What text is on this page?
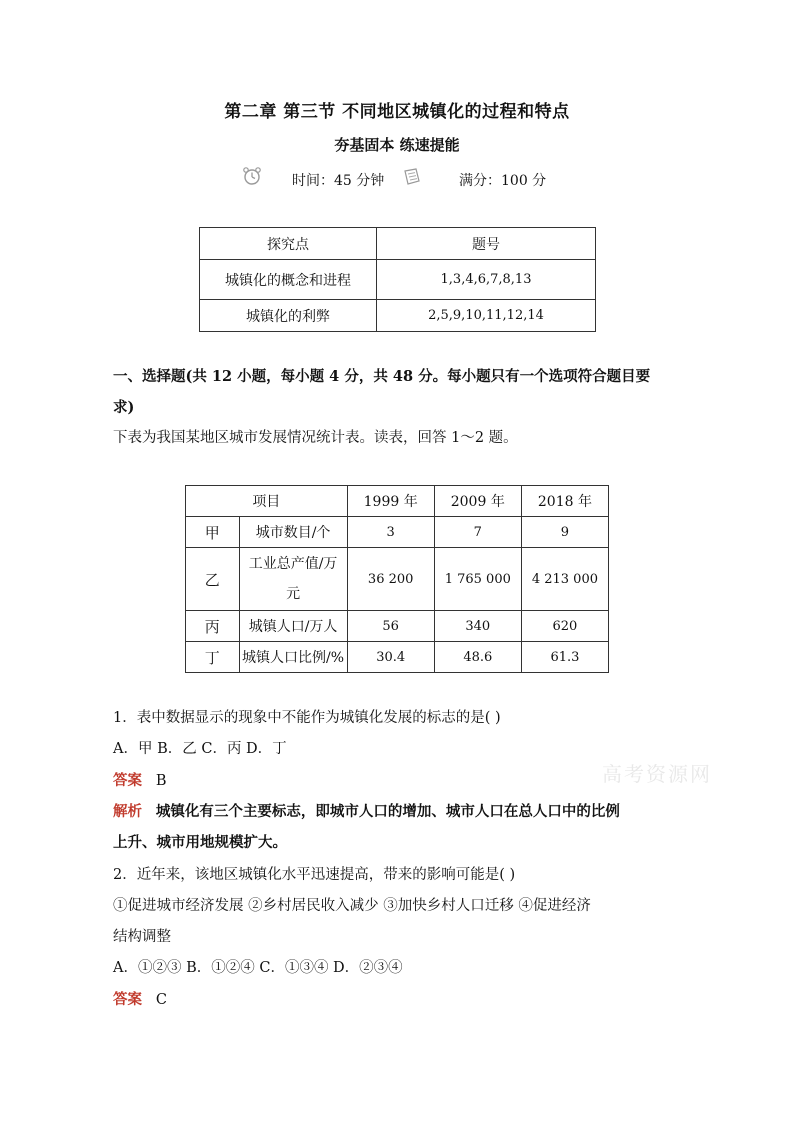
第二章 第三节 不同地区城镇化的过程和特点
夯基固本 练速提能
时间：45 分钟	满分：100 分
探究点	题号
城镇化的概念和进程	1,3,4,6,7,8,13
城镇化的利弊	2,5,9,10,11,12,14
一、选择题(共 12 小题，每小题 4 分，共 48 分。每小题只有一个选项符合题目要
求)
下表为我国某地区城市发展情况统计表。读表，回答 1～2 题。
项目		1999 年	2009 年	2018 年
甲	城市数目/个	3	7	9
乙	工业总产值/万
元	36 200	1 765 000	4 213 000
丙	城镇人口/万人	56	340	620
丁	城镇人口比例/%	30.4	48.6	61.3
1．表中数据显示的现象中不能作为城镇化发展的标志的是( )
A．甲 B．乙 C．丙 D．丁
答案 B
解析 城镇化有三个主要标志，即城市人口的增加、城市人口在总人口中的比例
上升、城市用地规模扩大。
2．近年来，该地区城镇化水平迅速提高，带来的影响可能是( )
①促进城市经济发展 ②乡村居民收入减少 ③加快乡村人口迁移 ④促进经济
结构调整
A．①②③ B．①②④ C．①③④ D．②③④
答案 C
高考资源网
